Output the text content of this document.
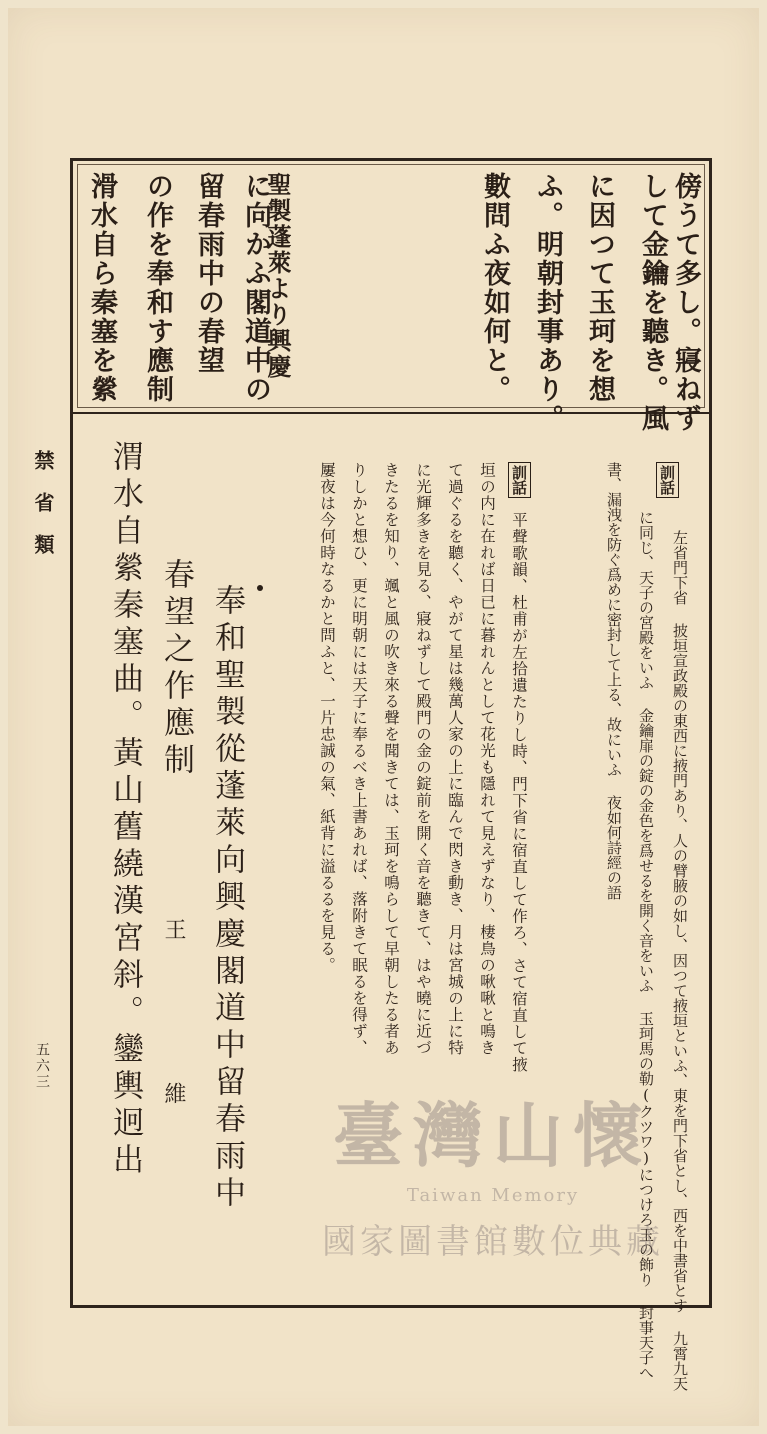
禁省類
五六三
數問ふ夜如何と。 ふ。明朝封事あり。 に因つて玉珂を想 して金鑰を聽き。風 傍うて多し。寢ねず
滑水自ら秦塞を縈 の作を奉和す應制 留春雨中の春望 に向かふ閣道中の
聖製蓬萊より興慶
訓話
左省門下省 披垣宣政殿の東西に掖門あり、人の臂腋の如し、因つて掖垣といふ、東を門下省とし、西を中書省とす 九霄九天
に同じ、天子の宮殿をいふ 金鑰扉の錠の金色を爲せるを開く音をいふ 玉珂馬の勒(クツワ)につけろ玉の飾り 封事天子へ
書、漏洩を防ぐ爲めに密封して上る、故にいふ 夜如何詩經の語
訓話
平聲歌韻、杜甫が左拾遺たりし時、門下省に宿直して作ろ、さて宿直して掖
垣の内に在れば日已に暮れんとして花光も隱れて見えずなり、棲鳥の啾啾と鳴き
て過ぐるを聽く、やがて星は幾萬人家の上に臨んで閃き動き、月は宮城の上に特
に光輝多きを見る、寢ねずして殿門の金の錠前を開く音を聽きて、はや曉に近づ
きたるを知り、颯と風の吹き來る聲を聞きては、玉珂を鳴らして早朝したる者あ
りしかと想ひ、更に明朝には天子に奉るべき上書あれば、落附きて眠るを得ず、
屢夜は今何時なるかと問ふと、一片忠誠の氣、紙背に溢るるを見る。
奉和聖製從蓬萊向興慶閣道中留春雨中
春望之作應制
王
維
渭水自縈秦塞曲。黃山舊繞漢宮斜。鑾輿迥出	臺灣山懷
Taiwan Memory
國家圖書館數位典藏
